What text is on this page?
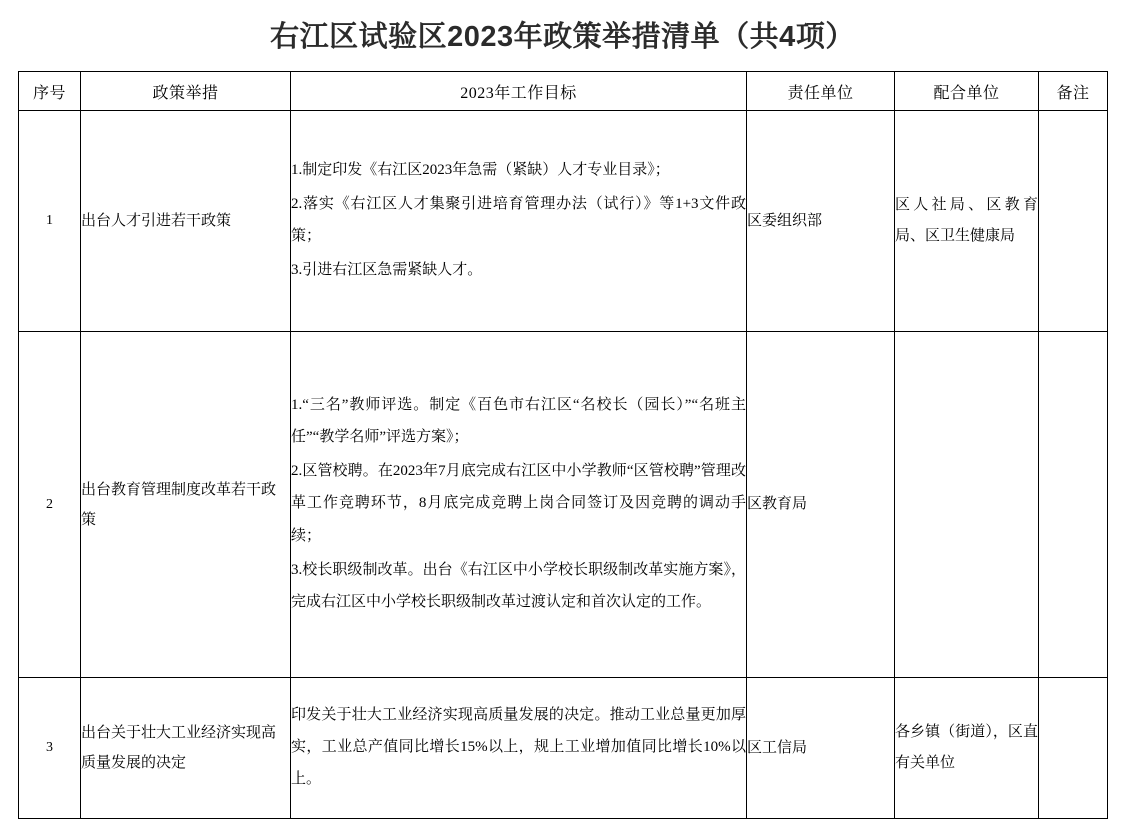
右江区试验区2023年政策举措清单（共4项）
序号	政策举措	2023年工作目标	责任单位	配合单位	备注
1	出台人才引进若干政策	1.制定印发《右江区2023年急需（紧缺）人才专业目录》；

2.落实《右江区人才集聚引进培育管理办法（试行）》等1+3文件政策；

3.引进右江区急需紧缺人才。	区委组织部	区人社局、区教育局、区卫生健康局	
2	出台教育管理制度改革若干政策	1.“三名”教师评选。制定《百色市右江区“名校长（园长）”“名班主任”“教学名师”评选方案》；

2.区管校聘。在2023年7月底完成右江区中小学教师“区管校聘”管理改革工作竞聘环节，8月底完成竞聘上岗合同签订及因竞聘的调动手续；

3.校长职级制改革。出台《右江区中小学校长职级制改革实施方案》，完成右江区中小学校长职级制改革过渡认定和首次认定的工作。	区教育局		
3	出台关于壮大工业经济实现高质量发展的决定	印发关于壮大工业经济实现高质量发展的决定。推动工业总量更加厚实，工业总产值同比增长15%以上，规上工业增加值同比增长10%以上。	区工信局	各乡镇（街道），区直有关单位	
